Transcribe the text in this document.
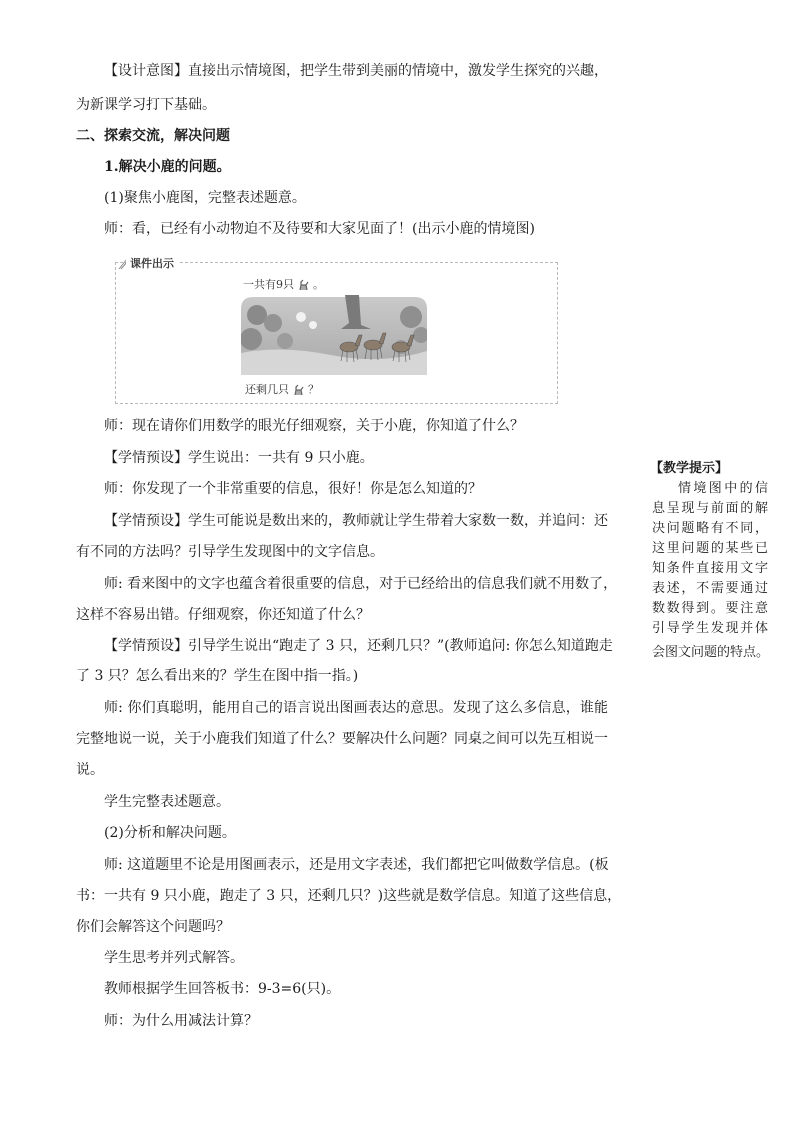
【设计意图】直接出示情境图，把学生带到美丽的情境中，激发学生探究的兴趣，
为新课学习打下基础。
二、探索交流，解决问题
1.解决小鹿的问题。
(1)聚焦小鹿图，完整表述题意。
师：看，已经有小动物迫不及待要和大家见面了！(出示小鹿的情境图)
课件出示
一共有9只 。
还剩几只 ？
师：现在请你们用数学的眼光仔细观察，关于小鹿，你知道了什么？
【学情预设】学生说出：一共有 9 只小鹿。
师：你发现了一个非常重要的信息，很好！你是怎么知道的？
【学情预设】学生可能说是数出来的，教师就让学生带着大家数一数，并追问：还
有不同的方法吗？引导学生发现图中的文字信息。
师: 看来图中的文字也蕴含着很重要的信息，对于已经给出的信息我们就不用数了，
这样不容易出错。仔细观察，你还知道了什么？
【学情预设】引导学生说出“跑走了 3 只，还剩几只？”(教师追问: 你怎么知道跑走
了 3 只？怎么看出来的？学生在图中指一指。)
师: 你们真聪明，能用自己的语言说出图画表达的意思。发现了这么多信息，谁能
完整地说一说，关于小鹿我们知道了什么？要解决什么问题？同桌之间可以先互相说一
说。
学生完整表述题意。
(2)分析和解决问题。
师: 这道题里不论是用图画表示，还是用文字表述，我们都把它叫做数学信息。(板
书：一共有 9 只小鹿，跑走了 3 只，还剩几只？)这些就是数学信息。知道了这些信息，
你们会解答这个问题吗？
学生思考并列式解答。
教师根据学生回答板书：9-3=6(只)。
师：为什么用减法计算？
【教学提示】
情境图中的信
息呈现与前面的解
决问题略有不同，
这里问题的某些已
知条件直接用文字
表述，不需要通过
数数得到。要注意
引导学生发现并体
会图文问题的特点。
